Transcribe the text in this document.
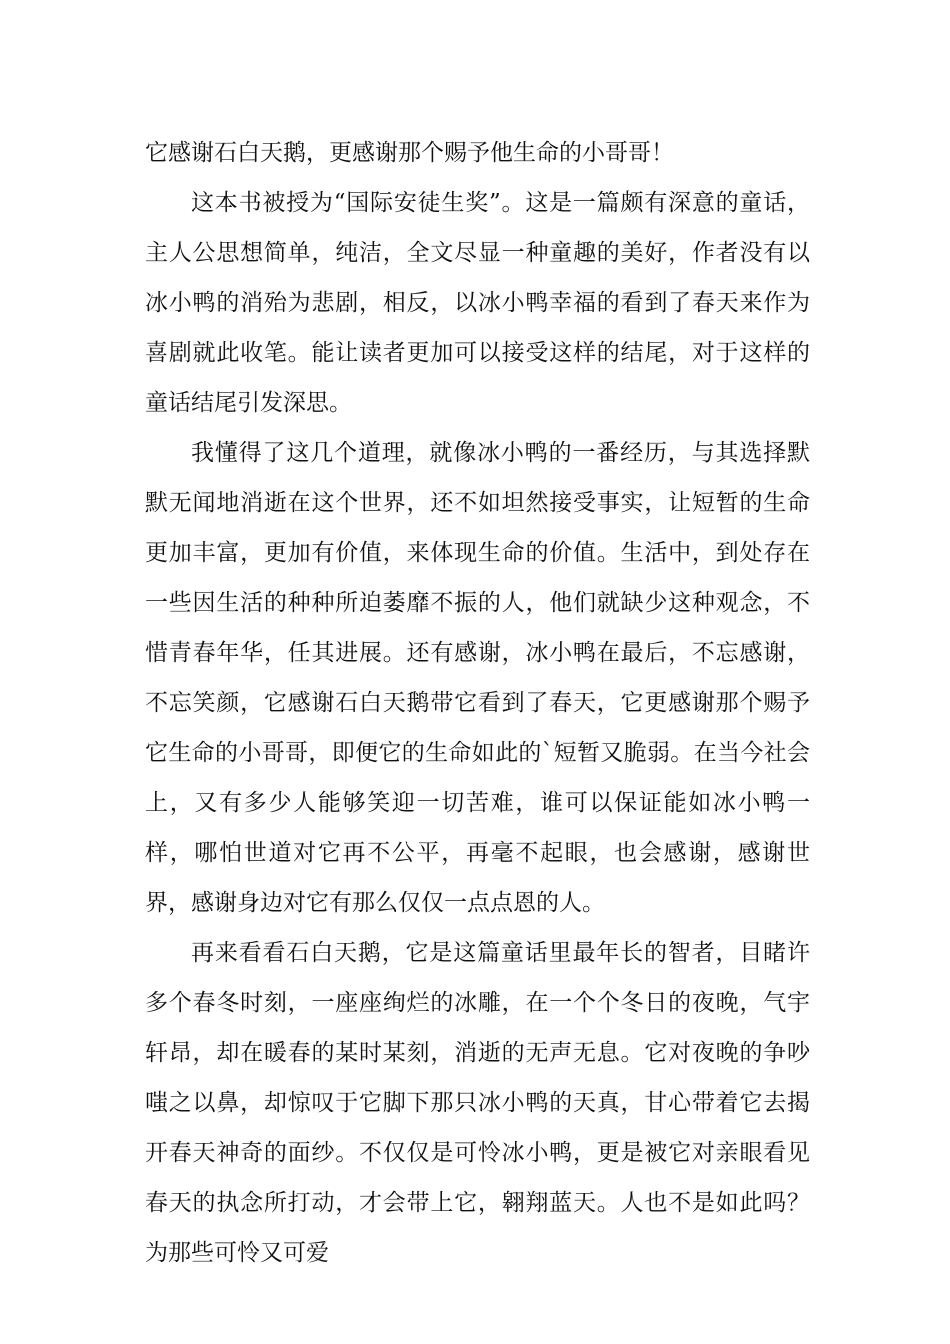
它感谢石白天鹅，更感谢那个赐予他生命的小哥哥！

这本书被授为“国际安徒生奖”。这是一篇颇有深意的童话，主人公思想简单，纯洁，全文尽显一种童趣的美好，作者没有以冰小鸭的消殆为悲剧，相反，以冰小鸭幸福的看到了春天来作为喜剧就此收笔。能让读者更加可以接受这样的结尾，对于这样的童话结尾引发深思。

我懂得了这几个道理，就像冰小鸭的一番经历，与其选择默默无闻地消逝在这个世界，还不如坦然接受事实，让短暂的生命更加丰富，更加有价值，来体现生命的价值。生活中，到处存在一些因生活的种种所迫萎靡不振的人，他们就缺少这种观念，不惜青春年华，任其进展。还有感谢，冰小鸭在最后，不忘感谢，不忘笑颜，它感谢石白天鹅带它看到了春天，它更感谢那个赐予它生命的小哥哥，即便它的生命如此的`短暂又脆弱。在当今社会上，又有多少人能够笑迎一切苦难，谁可以保证能如冰小鸭一样，哪怕世道对它再不公平，再毫不起眼，也会感谢，感谢世界，感谢身边对它有那么仅仅一点点恩的人。

再来看看石白天鹅，它是这篇童话里最年长的智者，目睹许多个春冬时刻，一座座绚烂的冰雕，在一个个冬日的夜晚，气宇轩昂，却在暖春的某时某刻，消逝的无声无息。它对夜晚的争吵嗤之以鼻，却惊叹于它脚下那只冰小鸭的天真，甘心带着它去揭开春天神奇的面纱。不仅仅是可怜冰小鸭，更是被它对亲眼看见春天的执念所打动，才会带上它，翱翔蓝天。人也不是如此吗？为那些可怜又可爱
